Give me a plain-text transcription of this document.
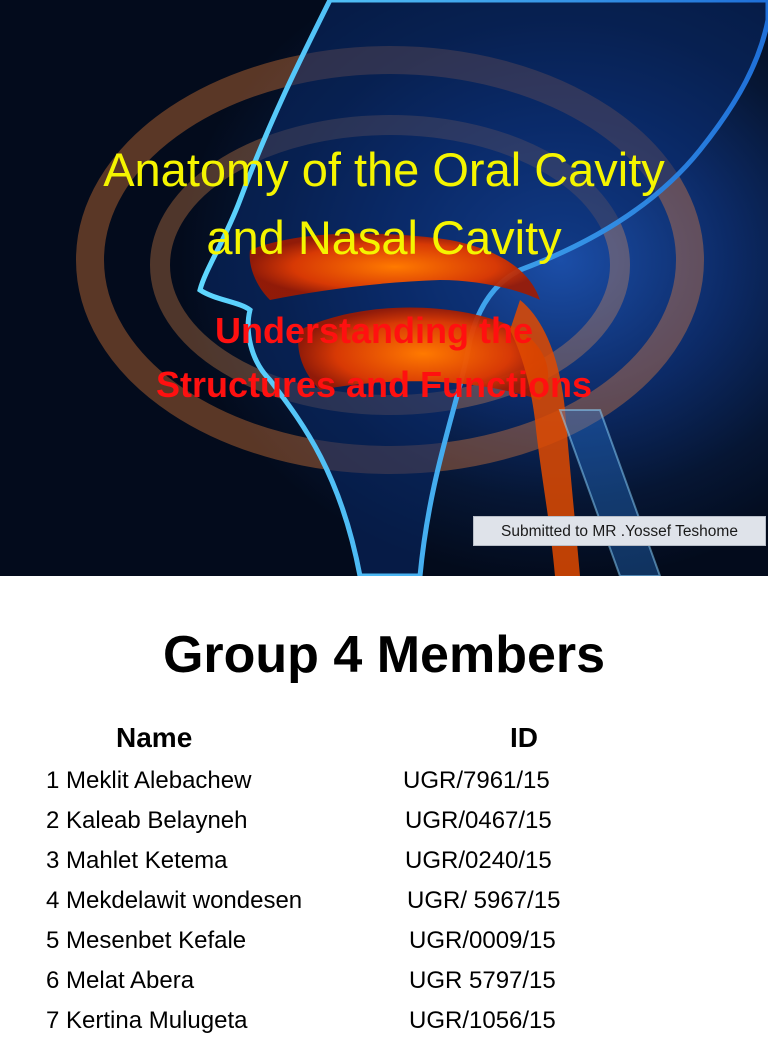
Anatomy of the Oral Cavity
and Nasal Cavity
Understanding the
Structures and Functions
Submitted to MR .Yossef Teshome
Group 4 Members
Name	ID
1 Meklit Alebachew	UGR/7961/15
2 Kaleab Belayneh	UGR/0467/15
3 Mahlet Ketema	UGR/0240/15
4 Mekdelawit wondesen	UGR/ 5967/15
5 Mesenbet Kefale	UGR/0009/15
6 Melat Abera	UGR 5797/15
7 Kertina Mulugeta	UGR/1056/15
